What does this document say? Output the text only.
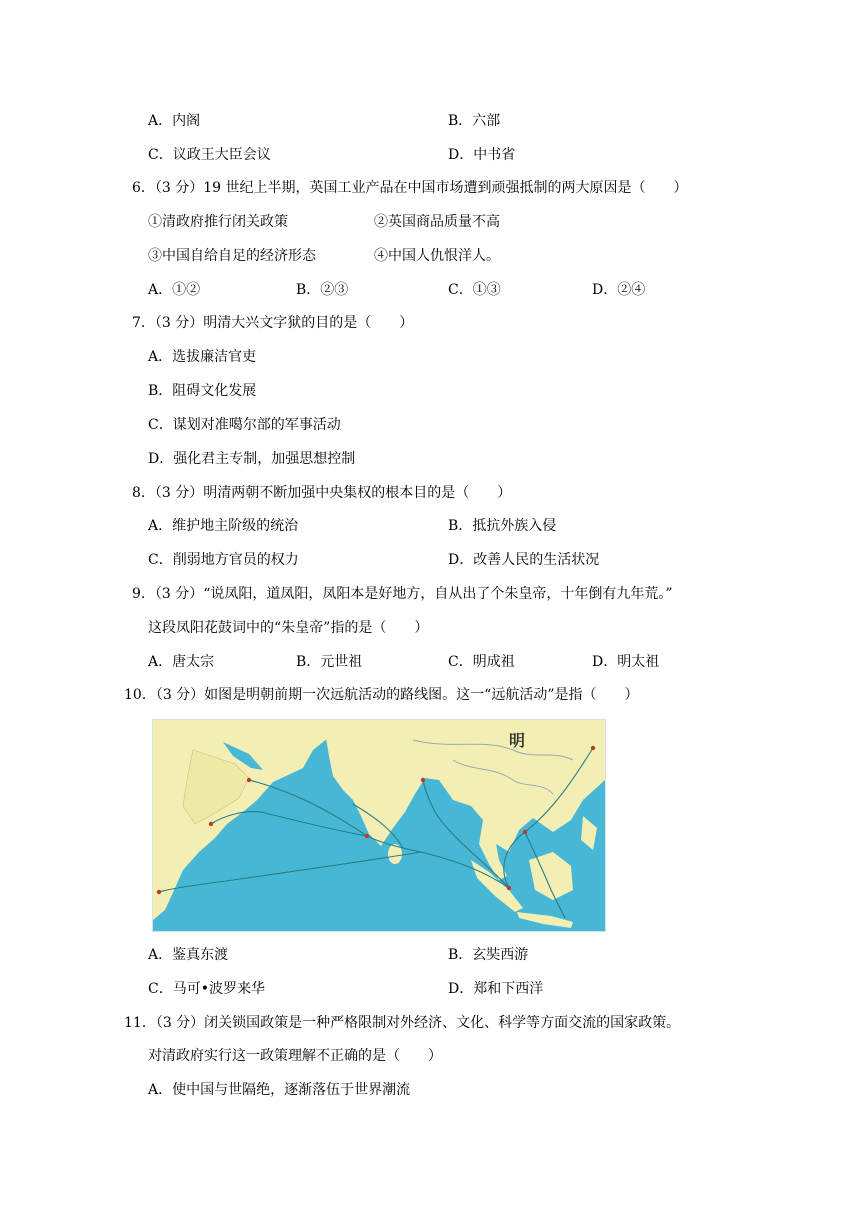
A．内阁	B．六部
C．议政王大臣会议	D．中书省
6．（3 分）19 世纪上半期，英国工业产品在中国市场遭到顽强抵制的两大原因是（　　）
①清政府推行闭关政策	②英国商品质量不高
③中国自给自足的经济形态	④中国人仇恨洋人。
A．①②	B．②③	C．①③	D．②④
7．（3 分）明清大兴文字狱的目的是（　　）
A．选拔廉洁官吏
B．阻碍文化发展
C．谋划对准噶尔部的军事活动
D．强化君主专制，加强思想控制
8．（3 分）明清两朝不断加强中央集权的根本目的是（　　）
A．维护地主阶级的统治	B．抵抗外族入侵
C．削弱地方官员的权力	D．改善人民的生活状况
9．（3 分）“说凤阳，道凤阳，凤阳本是好地方，自从出了个朱皇帝，十年倒有九年荒。”
这段凤阳花鼓词中的“朱皇帝”指的是（　　）
A．唐太宗	B．元世祖	C．明成祖	D．明太祖
10．（3 分）如图是明朝前期一次远航活动的路线图。这一“远航活动”是指（　　）
明
A．鉴真东渡	B．玄奘西游
C．马可•波罗来华	D．郑和下西洋
11．（3 分）闭关锁国政策是一种严格限制对外经济、文化、科学等方面交流的国家政策。
对清政府实行这一政策理解不正确的是（　　）
A．使中国与世隔绝，逐渐落伍于世界潮流
